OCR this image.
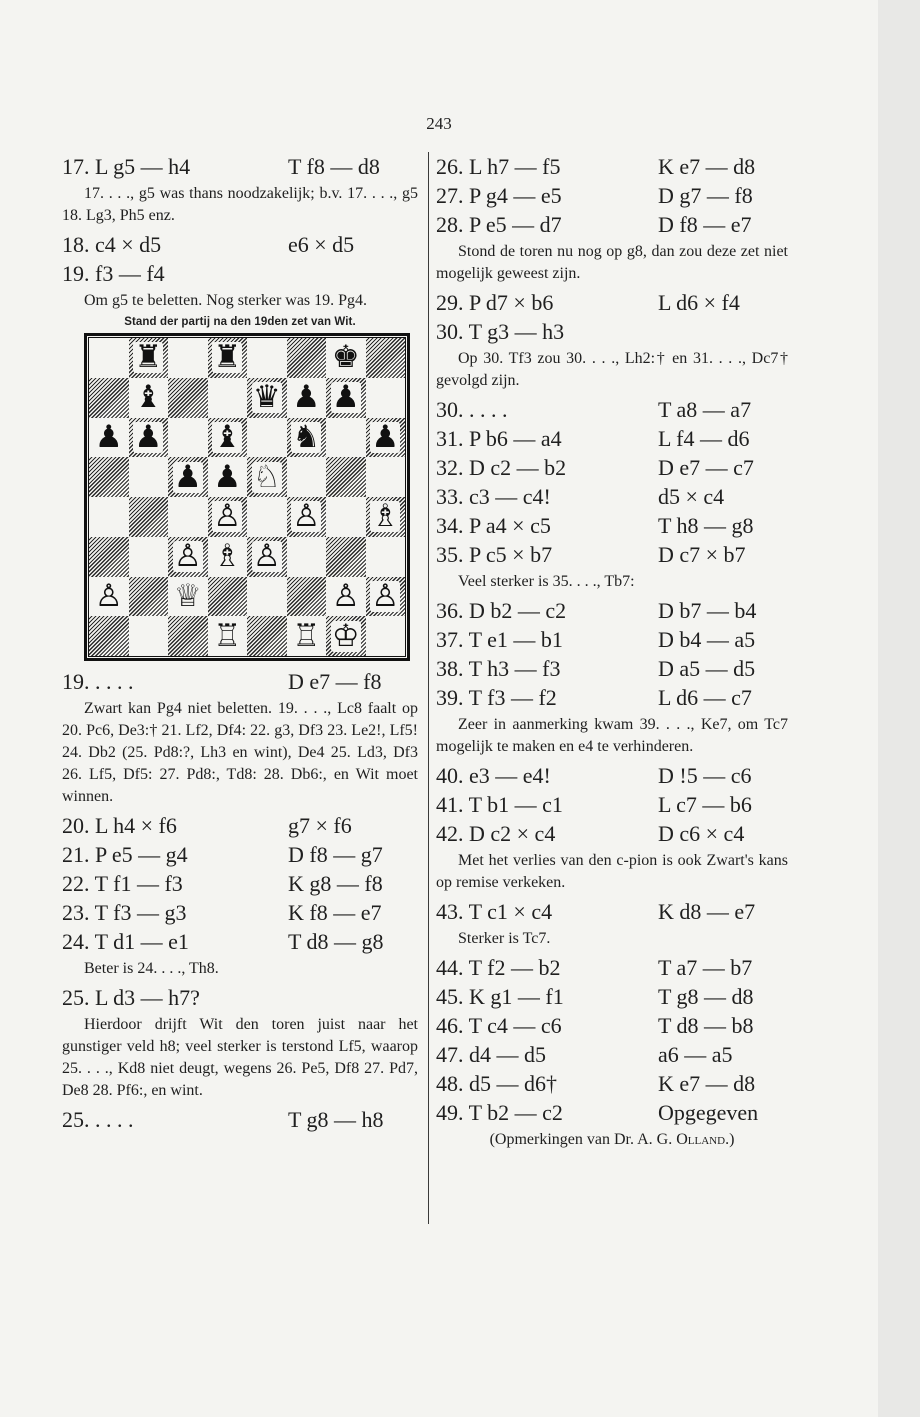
243
17. L g5 — h4	T f8 — d8
17. . . ., g5 was thans noodzakelijk; b.v. 17. . . ., g5 18. Lg3, Ph5 enz.
18. c4 × d5	e6 × d5
19. f3 — f4
Om g5 te beletten. Nog sterker was 19. Pg4.
Stand der partij na den 19den zet van Wit.
♜ ♜	♚
♝	♛ ♟ ♟
♟ ♟ ♝ ♞ ♟
♟ ♟ ♘
♙ ♙ ♗
♙ ♗ ♙
♙ ♕	♙ ♙
♖ ♖ ♔
19. . . . .	D e7 — f8
Zwart kan Pg4 niet beletten. 19. . . ., Lc8 faalt op 20. Pc6, De3:† 21. Lf2, Df4: 22. g3, Df3 23. Le2!, Lf5! 24. Db2 (25. Pd8:?, Lh3 en wint), De4 25. Ld3, Df3 26. Lf5, Df5: 27. Pd8:, Td8: 28. Db6:, en Wit moet winnen.
20. L h4 × f6	g7 × f6
21. P e5 — g4	D f8 — g7
22. T f1 — f3	K g8 — f8
23. T f3 — g3	K f8 — e7
24. T d1 — e1	T d8 — g8
Beter is 24. . . ., Th8.
25. L d3 — h7?
Hierdoor drijft Wit den toren juist naar het gunstiger veld h8; veel sterker is terstond Lf5, waarop 25. . . ., Kd8 niet deugt, wegens 26. Pe5, Df8 27. Pd7, De8 28. Pf6:, en wint.
25. . . . .	T g8 — h8
26. L h7 — f5	K e7 — d8
27. P g4 — e5	D g7 — f8
28. P e5 — d7	D f8 — e7
Stond de toren nu nog op g8, dan zou deze zet niet mogelijk geweest zijn.
29. P d7 × b6	L d6 × f4
30. T g3 — h3
Op 30. Tf3 zou 30. . . ., Lh2:† en 31. . . ., Dc7† gevolgd zijn.
30. . . . .	T a8 — a7
31. P b6 — a4	L f4 — d6
32. D c2 — b2	D e7 — c7
33. c3 — c4!	d5 × c4
34. P a4 × c5	T h8 — g8
35. P c5 × b7	D c7 × b7
Veel sterker is 35. . . ., Tb7:
36. D b2 — c2	D b7 — b4
37. T e1 — b1	D b4 — a5
38. T h3 — f3	D a5 — d5
39. T f3 — f2	L d6 — c7
Zeer in aanmerking kwam 39. . . ., Ke7, om Tc7 mogelijk te maken en e4 te verhinderen.
40. e3 — e4!	D !5 — c6
41. T b1 — c1	L c7 — b6
42. D c2 × c4	D c6 × c4
Met het verlies van den c-pion is ook Zwart's kans op remise verkeken.
43. T c1 × c4	K d8 — e7
Sterker is Tc7.
44. T f2 — b2	T a7 — b7
45. K g1 — f1	T g8 — d8
46. T c4 — c6	T d8 — b8
47. d4 — d5	a6 — a5
48. d5 — d6†	K e7 — d8
49. T b2 — c2	Opgegeven
(Opmerkingen van Dr. A. G. Olland.)
